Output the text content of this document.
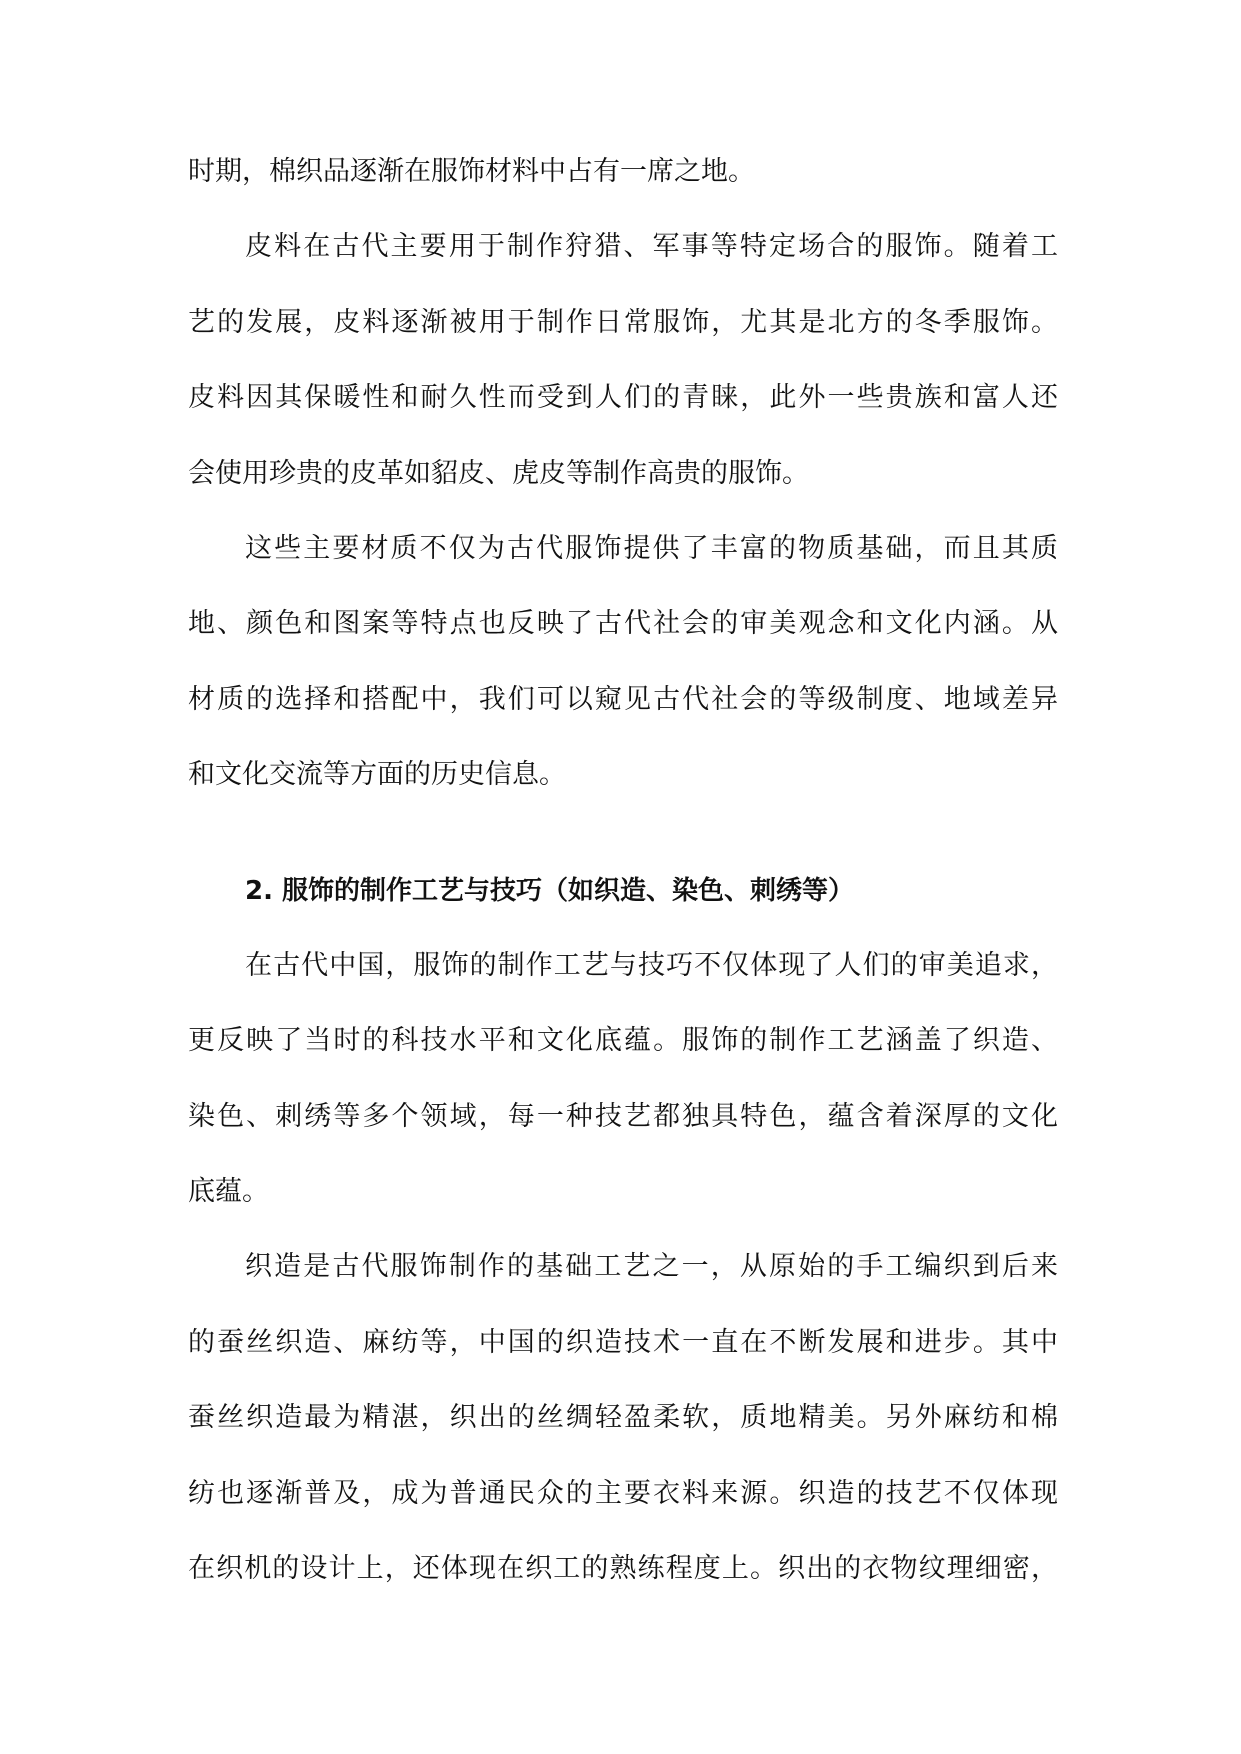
时期，棉织品逐渐在服饰材料中占有一席之地。
皮料在古代主要用于制作狩猎、军事等特定场合的服饰。随着工
艺的发展，皮料逐渐被用于制作日常服饰，尤其是北方的冬季服饰。
皮料因其保暖性和耐久性而受到人们的青睐，此外一些贵族和富人还
会使用珍贵的皮革如貂皮、虎皮等制作高贵的服饰。
这些主要材质不仅为古代服饰提供了丰富的物质基础，而且其质
地、颜色和图案等特点也反映了古代社会的审美观念和文化内涵。从
材质的选择和搭配中，我们可以窥见古代社会的等级制度、地域差异
和文化交流等方面的历史信息。
2. 服饰的制作工艺与技巧（如织造、染色、刺绣等）
在古代中国，服饰的制作工艺与技巧不仅体现了人们的审美追求，
更反映了当时的科技水平和文化底蕴。服饰的制作工艺涵盖了织造、
染色、刺绣等多个领域，每一种技艺都独具特色，蕴含着深厚的文化
底蕴。
织造是古代服饰制作的基础工艺之一，从原始的手工编织到后来
的蚕丝织造、麻纺等，中国的织造技术一直在不断发展和进步。其中
蚕丝织造最为精湛，织出的丝绸轻盈柔软，质地精美。另外麻纺和棉
纺也逐渐普及，成为普通民众的主要衣料来源。织造的技艺不仅体现
在织机的设计上，还体现在织工的熟练程度上。织出的衣物纹理细密，
